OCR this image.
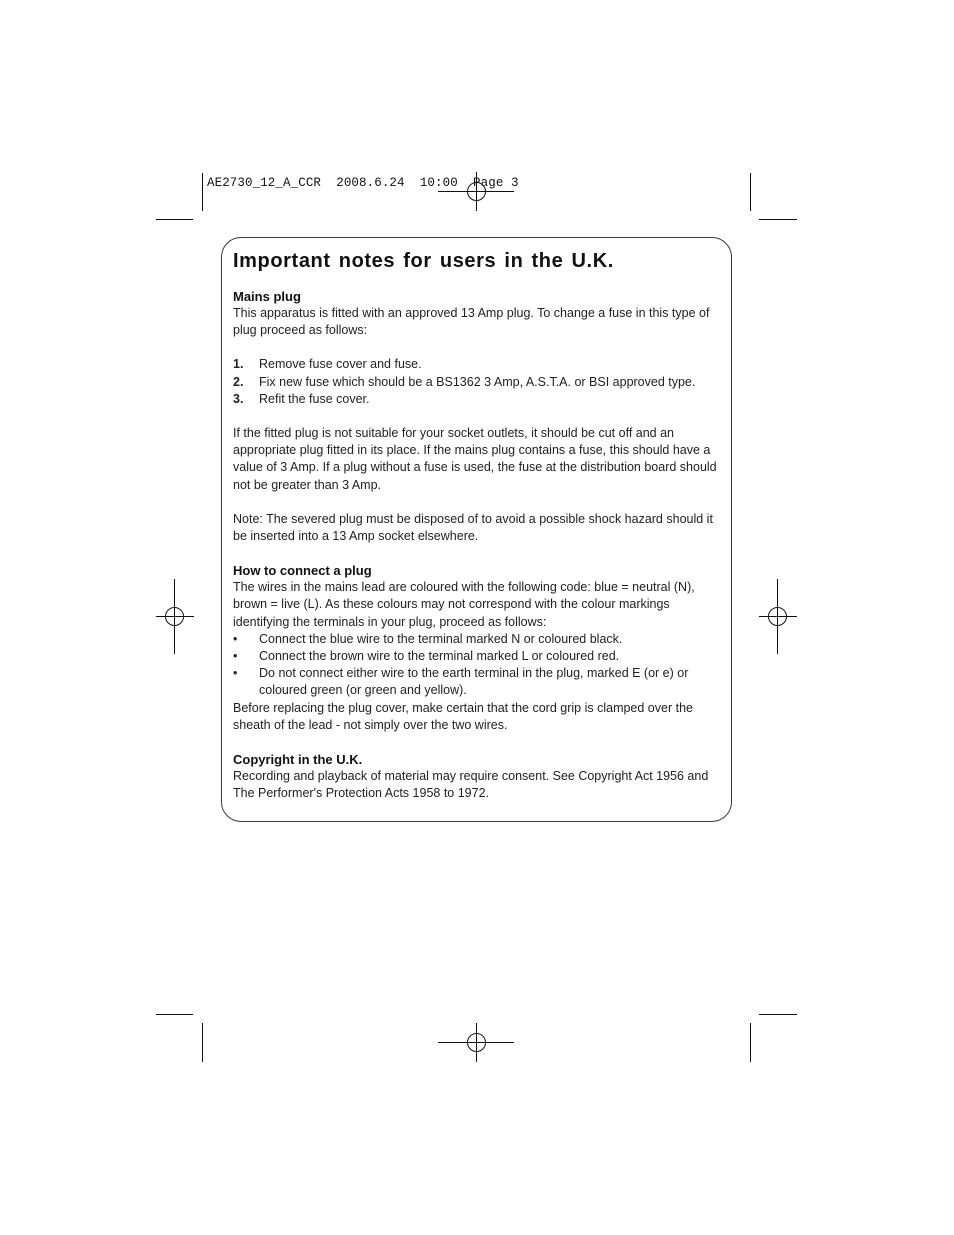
AE2730_12_A_CCR  2008.6.24  10:00  Page 3
Important notes for users in the U.K.
Mains plug

This apparatus is fitted with an approved 13 Amp plug. To change a fuse in this type of plug proceed as follows:

1.	Remove fuse cover and fuse.
2.	Fix new fuse which should be a BS1362 3 Amp, A.S.T.A. or BSI approved type.
3.	Refit the fuse cover.

If the fitted plug is not suitable for your socket outlets, it should be cut off and an appropriate plug fitted in its place. If the mains plug contains a fuse, this should have a value of 3 Amp. If a plug without a fuse is used, the fuse at the distribution board should not be greater than 3 Amp.

Note: The severed plug must be disposed of to avoid a possible shock hazard should it be inserted into a 13 Amp socket elsewhere.

How to connect a plug

The wires in the mains lead are coloured with the following code: blue = neutral (N), brown = live (L). As these colours may not correspond with the colour markings identifying the terminals in your plug, proceed as follows:

•	Connect the blue wire to the terminal marked N or coloured black.
•	Connect the brown wire to the terminal marked L or coloured red.
•	Do not connect either wire to the earth terminal in the plug, marked E (or e) or coloured green (or green and yellow).

Before replacing the plug cover, make certain that the cord grip is clamped over the sheath of the lead - not simply over the two wires.

Copyright in the U.K.

Recording and playback of material may require consent. See Copyright Act 1956 and The Performer's Protection Acts 1958 to 1972.
